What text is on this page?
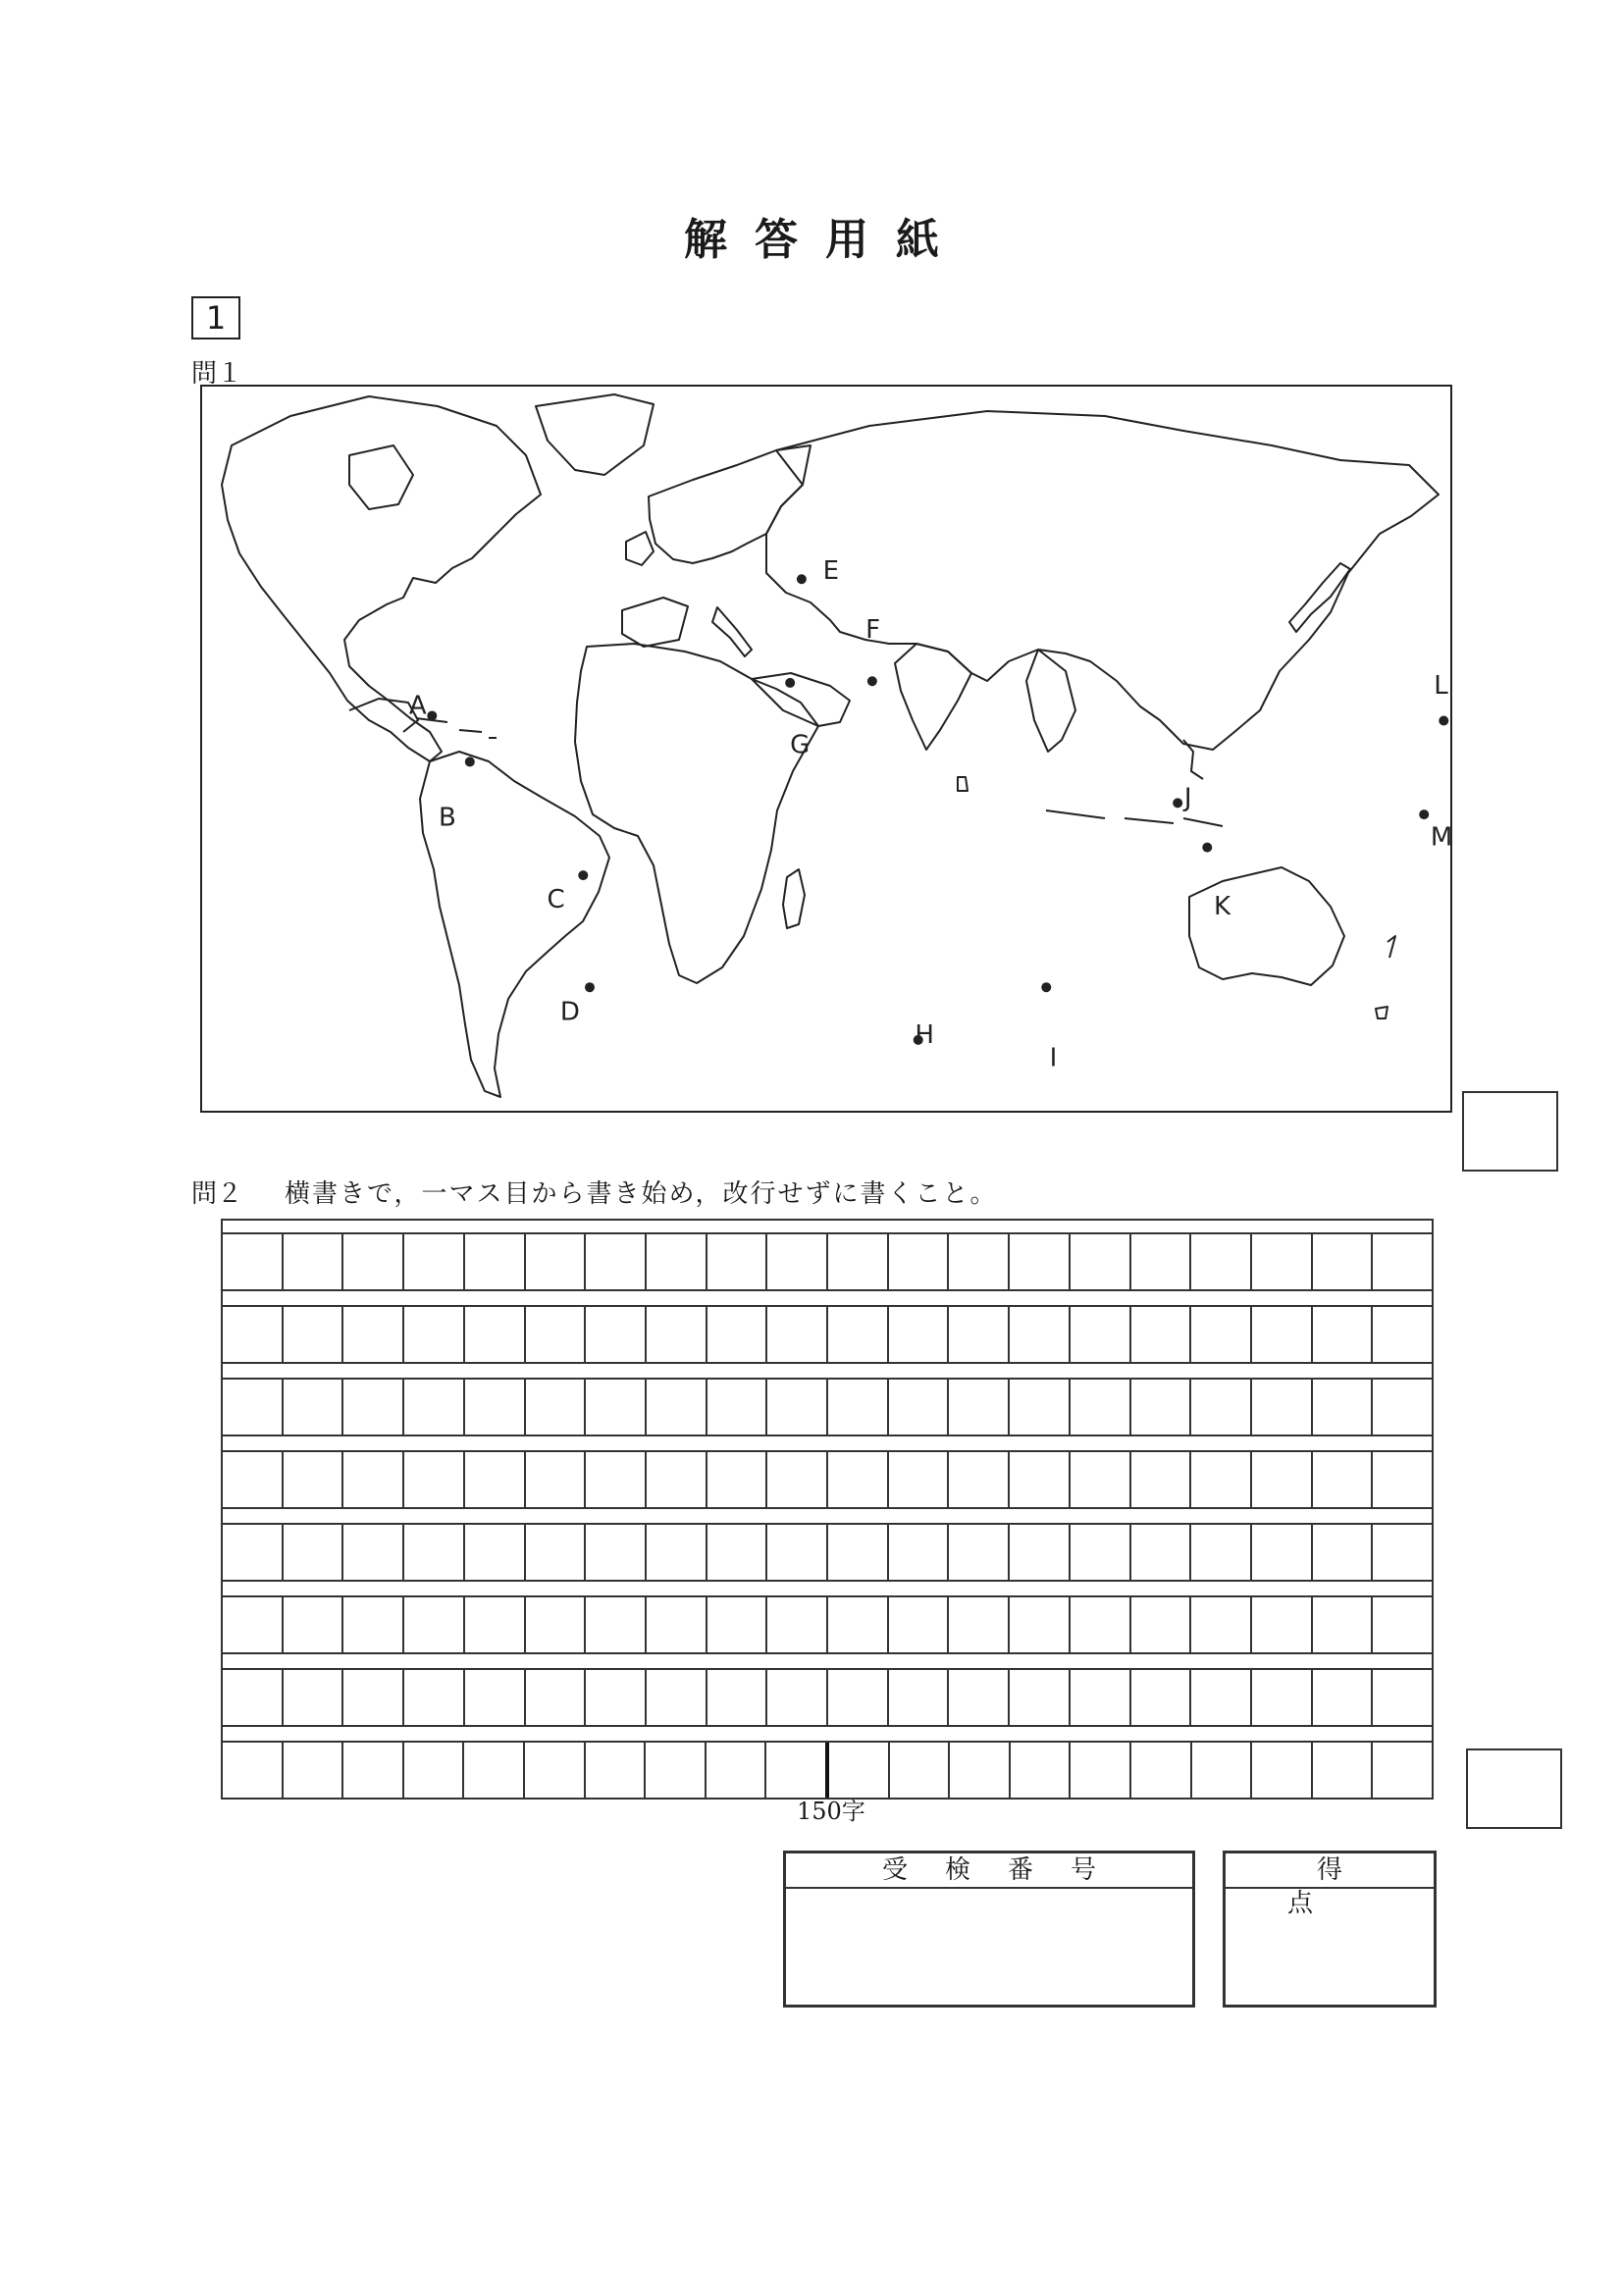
解答用紙
1
問１
A
B
C
D
E
F
G
H
I
J
K
L
M
問２ 横書きで，一マス目から書き始め，改行せずに書くこと。
150字
受検番号	得点
